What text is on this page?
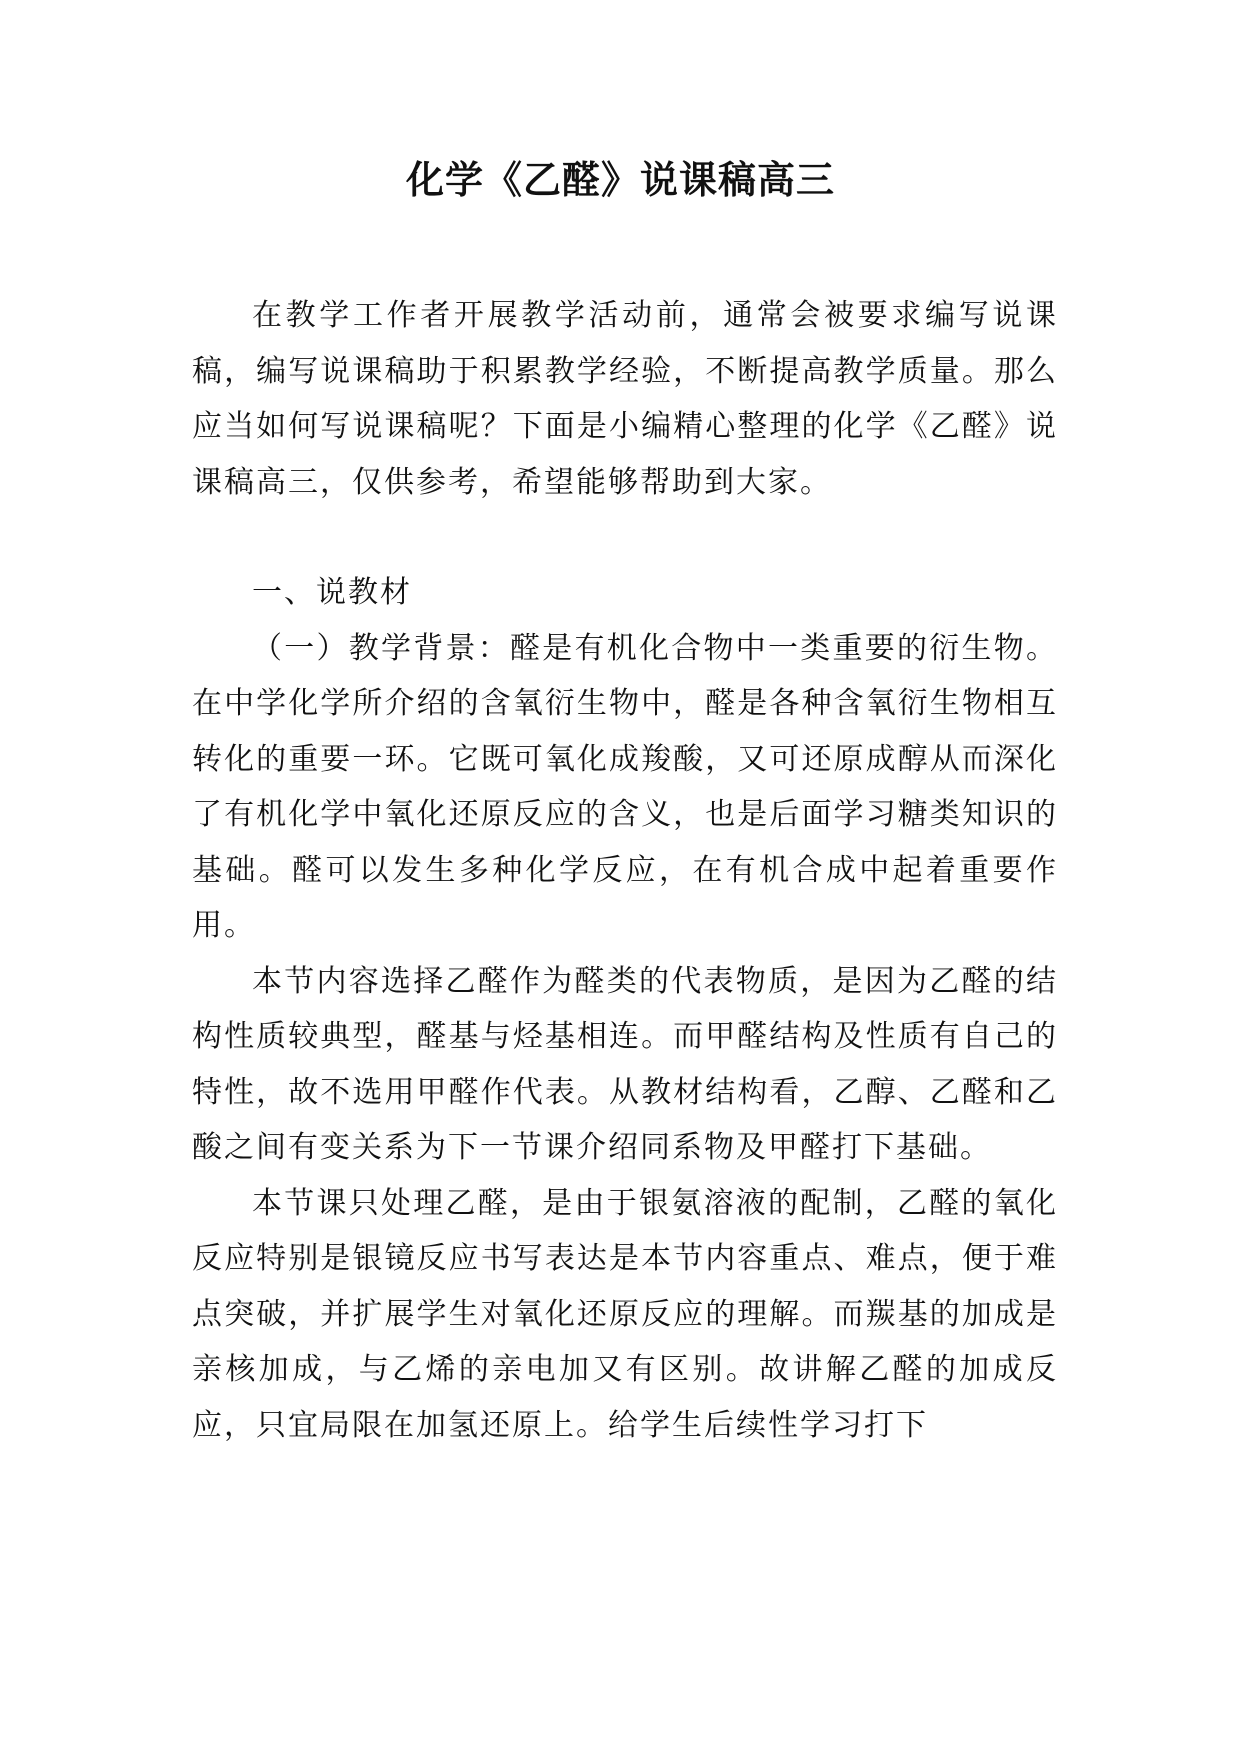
化学《乙醛》说课稿高三

在教学工作者开展教学活动前，通常会被要求编写说课稿，编写说课稿助于积累教学经验，不断提高教学质量。那么应当如何写说课稿呢？下面是小编精心整理的化学《乙醛》说课稿高三，仅供参考，希望能够帮助到大家。

一、说教材

（一）教学背景：醛是有机化合物中一类重要的衍生物。在中学化学所介绍的含氧衍生物中，醛是各种含氧衍生物相互转化的重要一环。它既可氧化成羧酸，又可还原成醇从而深化了有机化学中氧化还原反应的含义，也是后面学习糖类知识的基础。醛可以发生多种化学反应，在有机合成中起着重要作用。

本节内容选择乙醛作为醛类的代表物质，是因为乙醛的结构性质较典型，醛基与烃基相连。而甲醛结构及性质有自己的特性，故不选用甲醛作代表。从教材结构看，乙醇、乙醛和乙酸之间有变关系为下一节课介绍同系物及甲醛打下基础。

本节课只处理乙醛，是由于银氨溶液的配制，乙醛的氧化反应特别是银镜反应书写表达是本节内容重点、难点，便于难点突破，并扩展学生对氧化还原反应的理解。而羰基的加成是亲核加成，与乙烯的亲电加又有区别。故讲解乙醛的加成反应，只宜局限在加氢还原上。给学生后续性学习打下
